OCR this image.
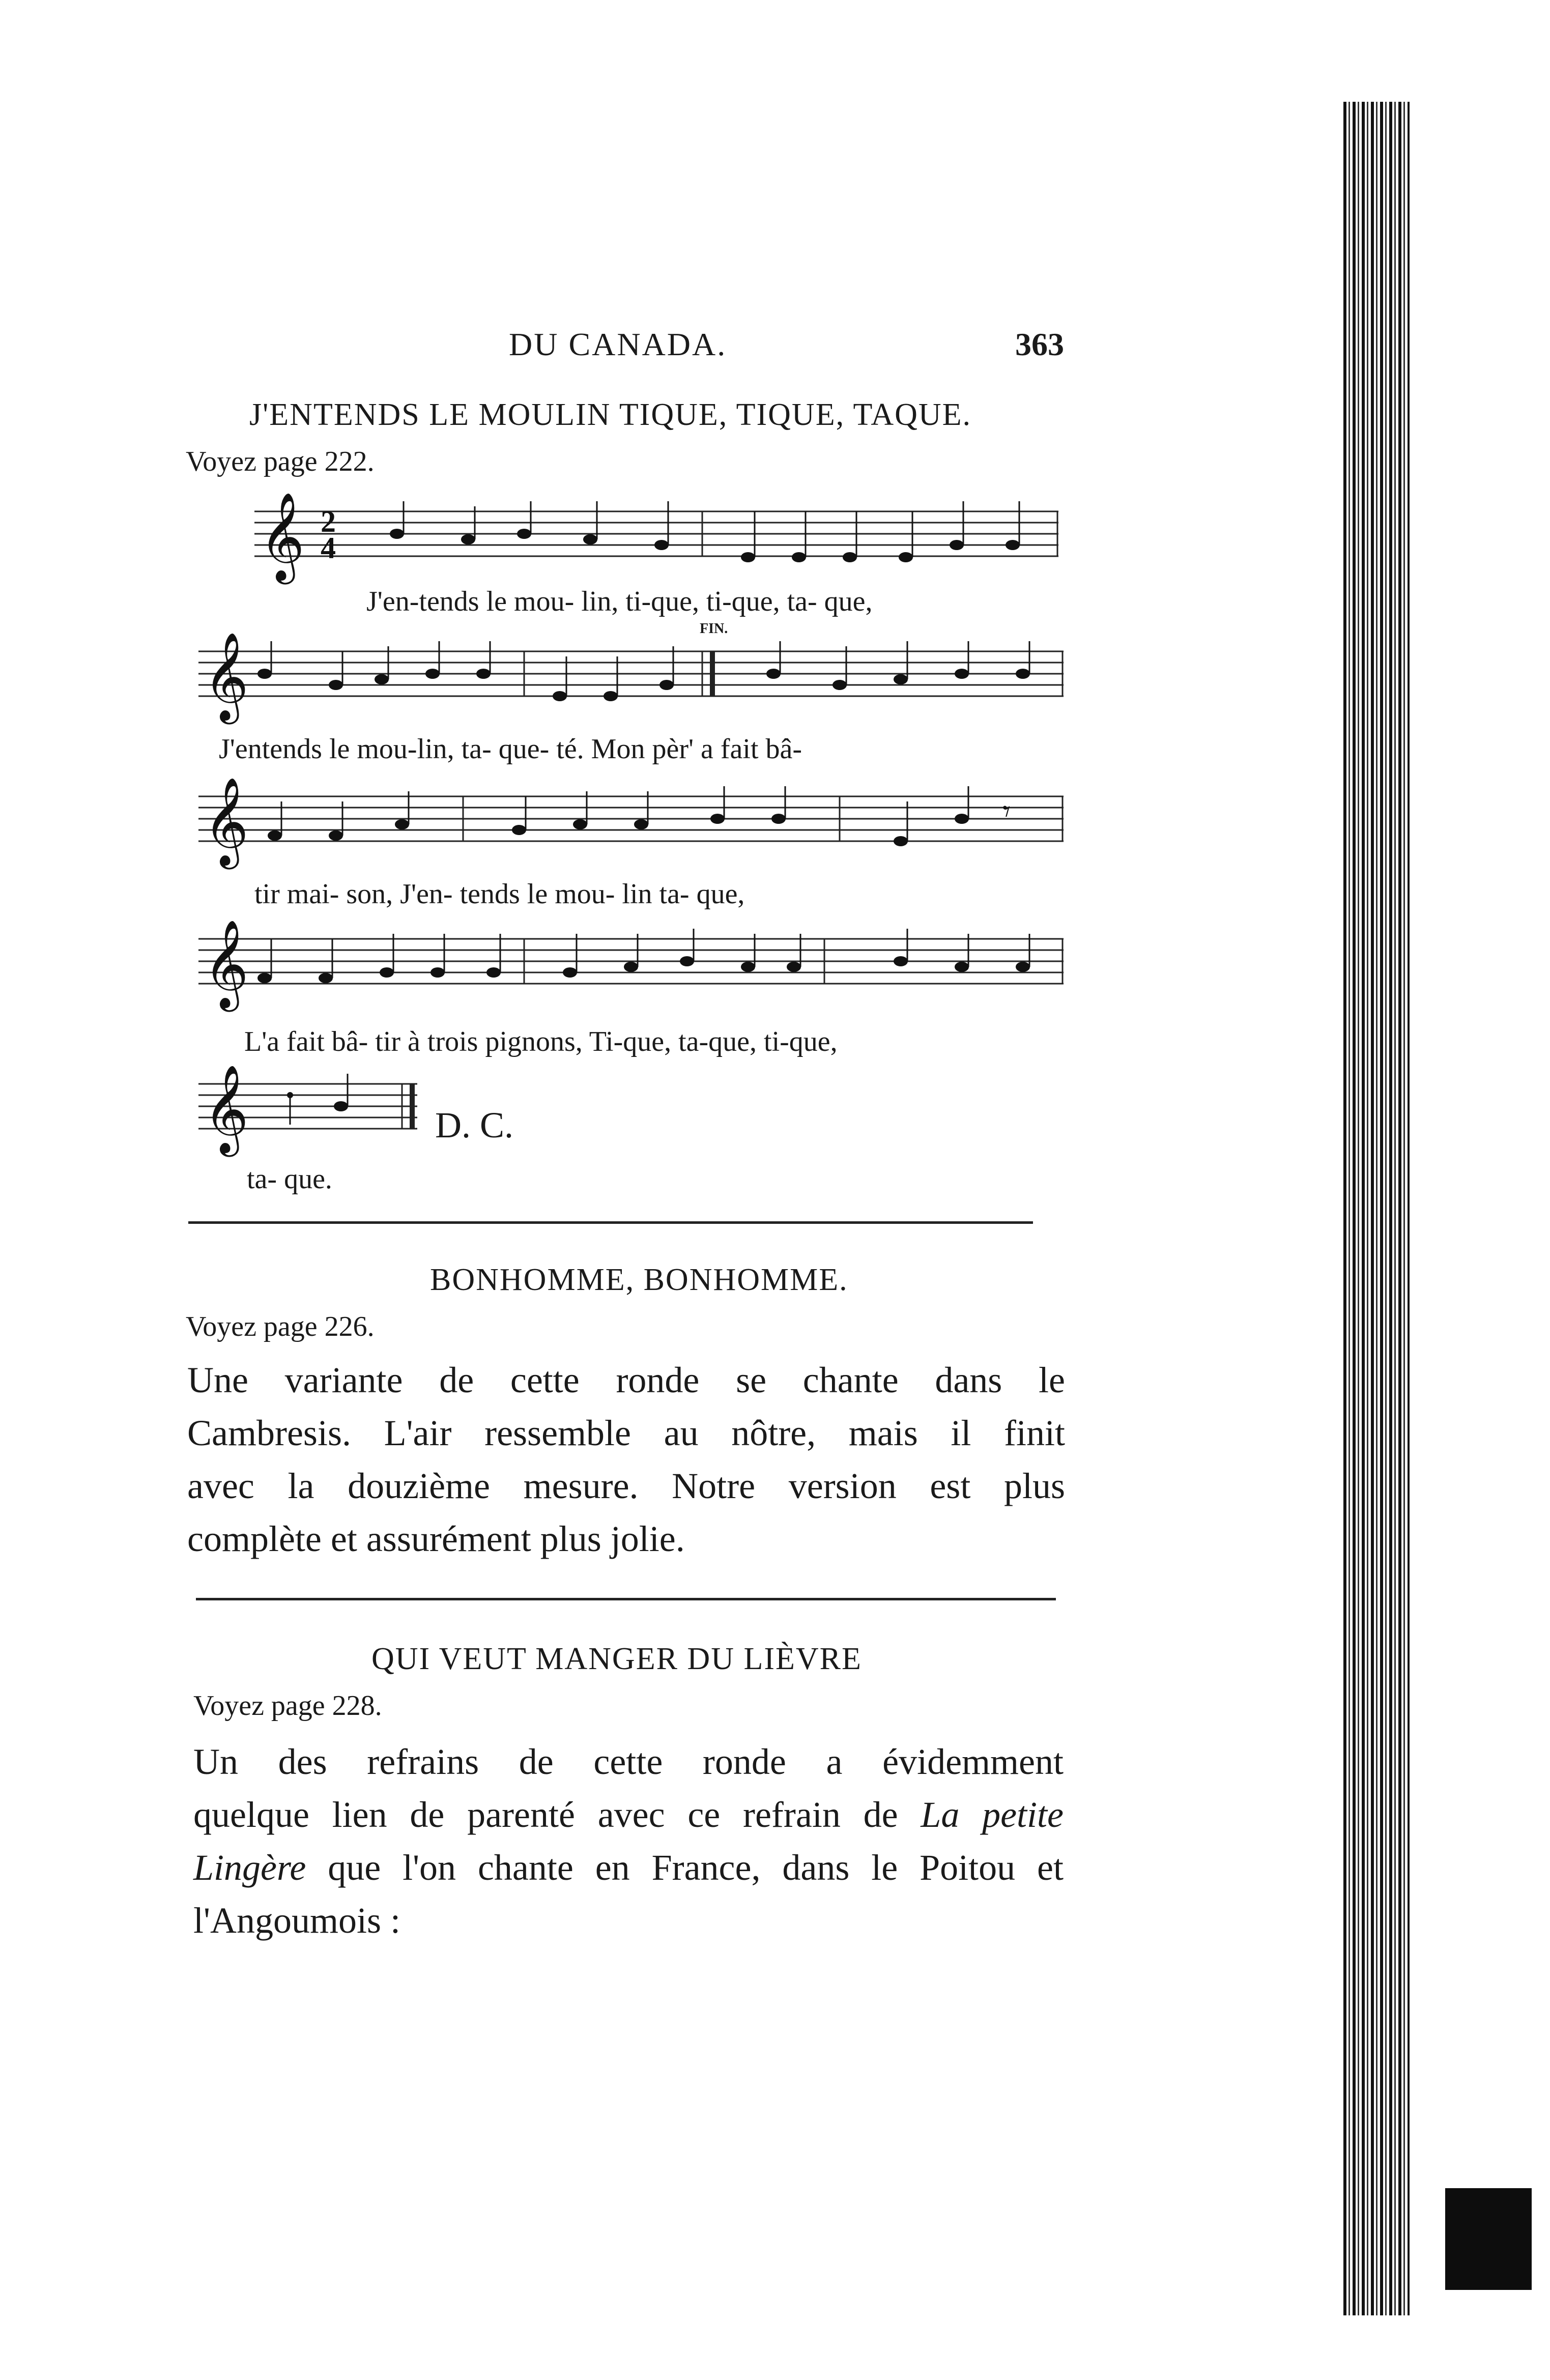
DU CANADA.	363
J'ENTENDS LE MOULIN TIQUE, TIQUE, TAQUE.
Voyez page 222.
𝄞 2
4
J'en-tends le mou- lin, ti-que, ti-que, ta- que,
FIN.
𝄞
J'entends le mou-lin, ta- que- té. Mon pèr' a fait bâ-
𝄞	𝄾
tir mai- son, J'en- tends le mou- lin ta- que,
𝄞
L'a fait bâ- tir à trois pignons, Ti-que, ta-que, ti-que,
𝄞	D. C.
ta- que.
BONHOMME, BONHOMME.
Voyez page 226.
Une variante de cette ronde se chante dans le
Cambresis. L'air ressemble au nôtre, mais il finit
avec la douzième mesure. Notre version est plus
complète et assurément plus jolie.
QUI VEUT MANGER DU LIÈVRE
Voyez page 228.
Un des refrains de cette ronde a évidemment
quelque lien de parenté avec ce refrain de La petite
Lingère que l'on chante en France, dans le Poitou et
l'Angoumois :
